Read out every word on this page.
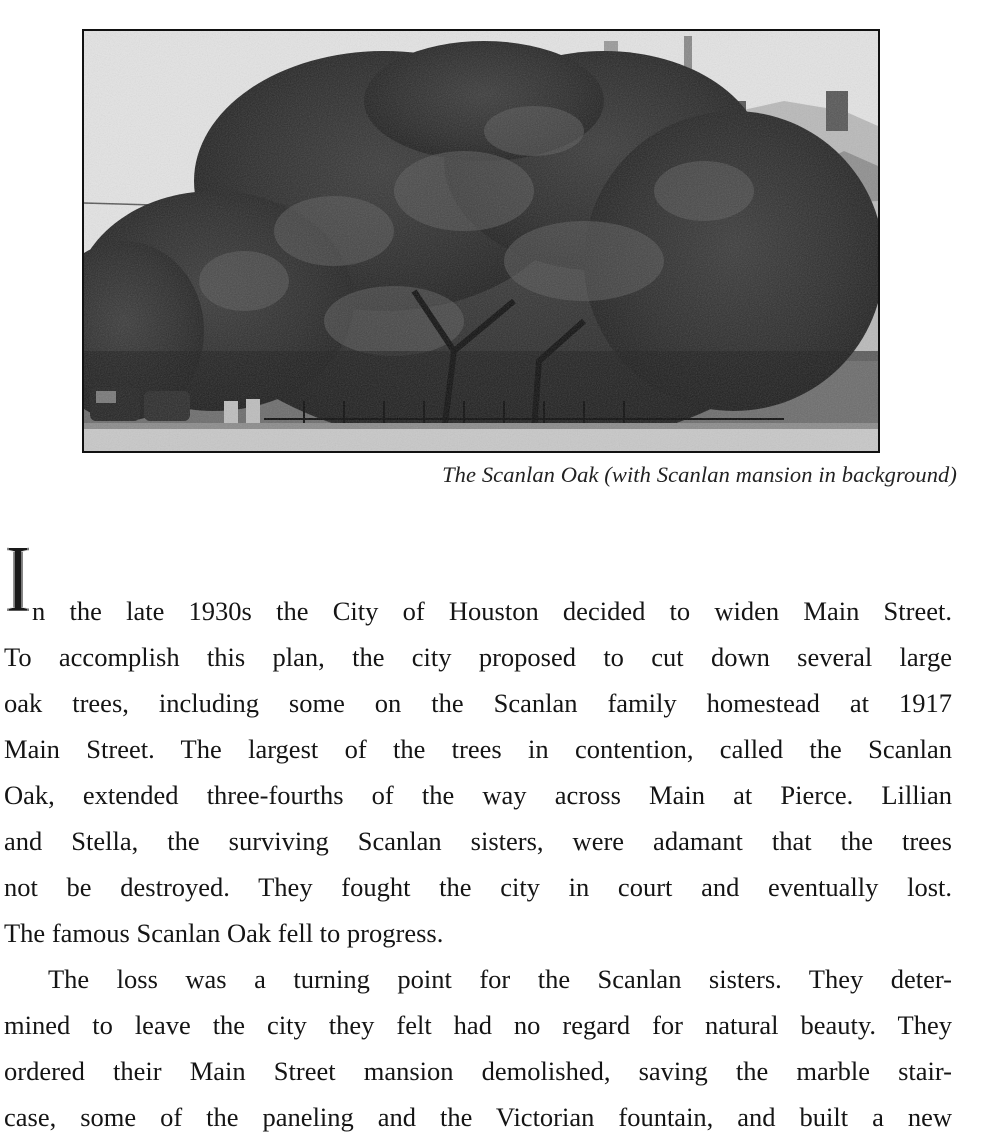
The Scanlan Oak (with Scanlan mansion in background)
I n the late 1930s the City of Houston decided to widen Main Street.
To accomplish this plan, the city proposed to cut down several large
oak trees, including some on the Scanlan family homestead at 1917
Main Street. The largest of the trees in contention, called the Scanlan
Oak, extended three-fourths of the way across Main at Pierce. Lillian
and Stella, the surviving Scanlan sisters, were adamant that the trees
not be destroyed. They fought the city in court and eventually lost.
The famous Scanlan Oak fell to progress.
The loss was a turning point for the Scanlan sisters. They deter-
mined to leave the city they felt had no regard for natural beauty. They
ordered their Main Street mansion demolished, saving the marble stair-
case, some of the paneling and the Victorian fountain, and built a new
